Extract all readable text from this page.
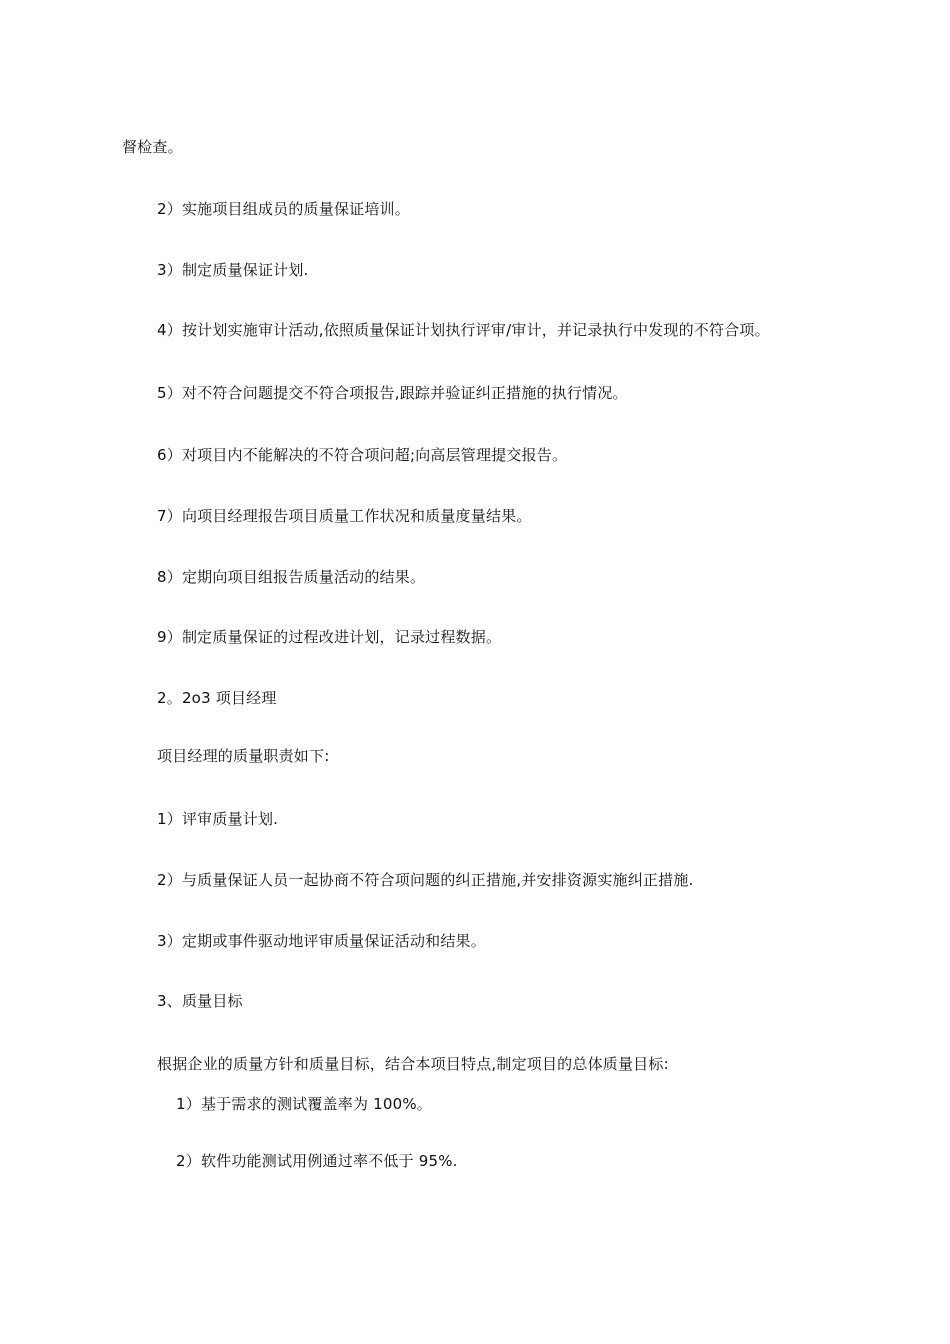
督检查。
2）实施项目组成员的质量保证培训。
3）制定质量保证计划.
4）按计划实施审计活动,依照质量保证计划执行评审/审计，并记录执行中发现的不符合项。
5）对不符合问题提交不符合项报告,跟踪并验证纠正措施的执行情况。
6）对项目内不能解决的不符合项问超;向高层管理提交报告。
7）向项目经理报告项目质量工作状况和质量度量结果。
8）定期向项目组报告质量活动的结果。
9）制定质量保证的过程改进计划，记录过程数据。
2。2o3 项目经理
项目经理的质量职责如下:
1）评审质量计划.
2）与质量保证人员一起协商不符合项问题的纠正措施,并安排资源实施纠正措施.
3）定期或事件驱动地评审质量保证活动和结果。
3、质量目标
根据企业的质量方针和质量目标，结合本项目特点,制定项目的总体质量目标:
1）基于需求的测试覆盖率为 100%。
2）软件功能测试用例通过率不低于 95%.
